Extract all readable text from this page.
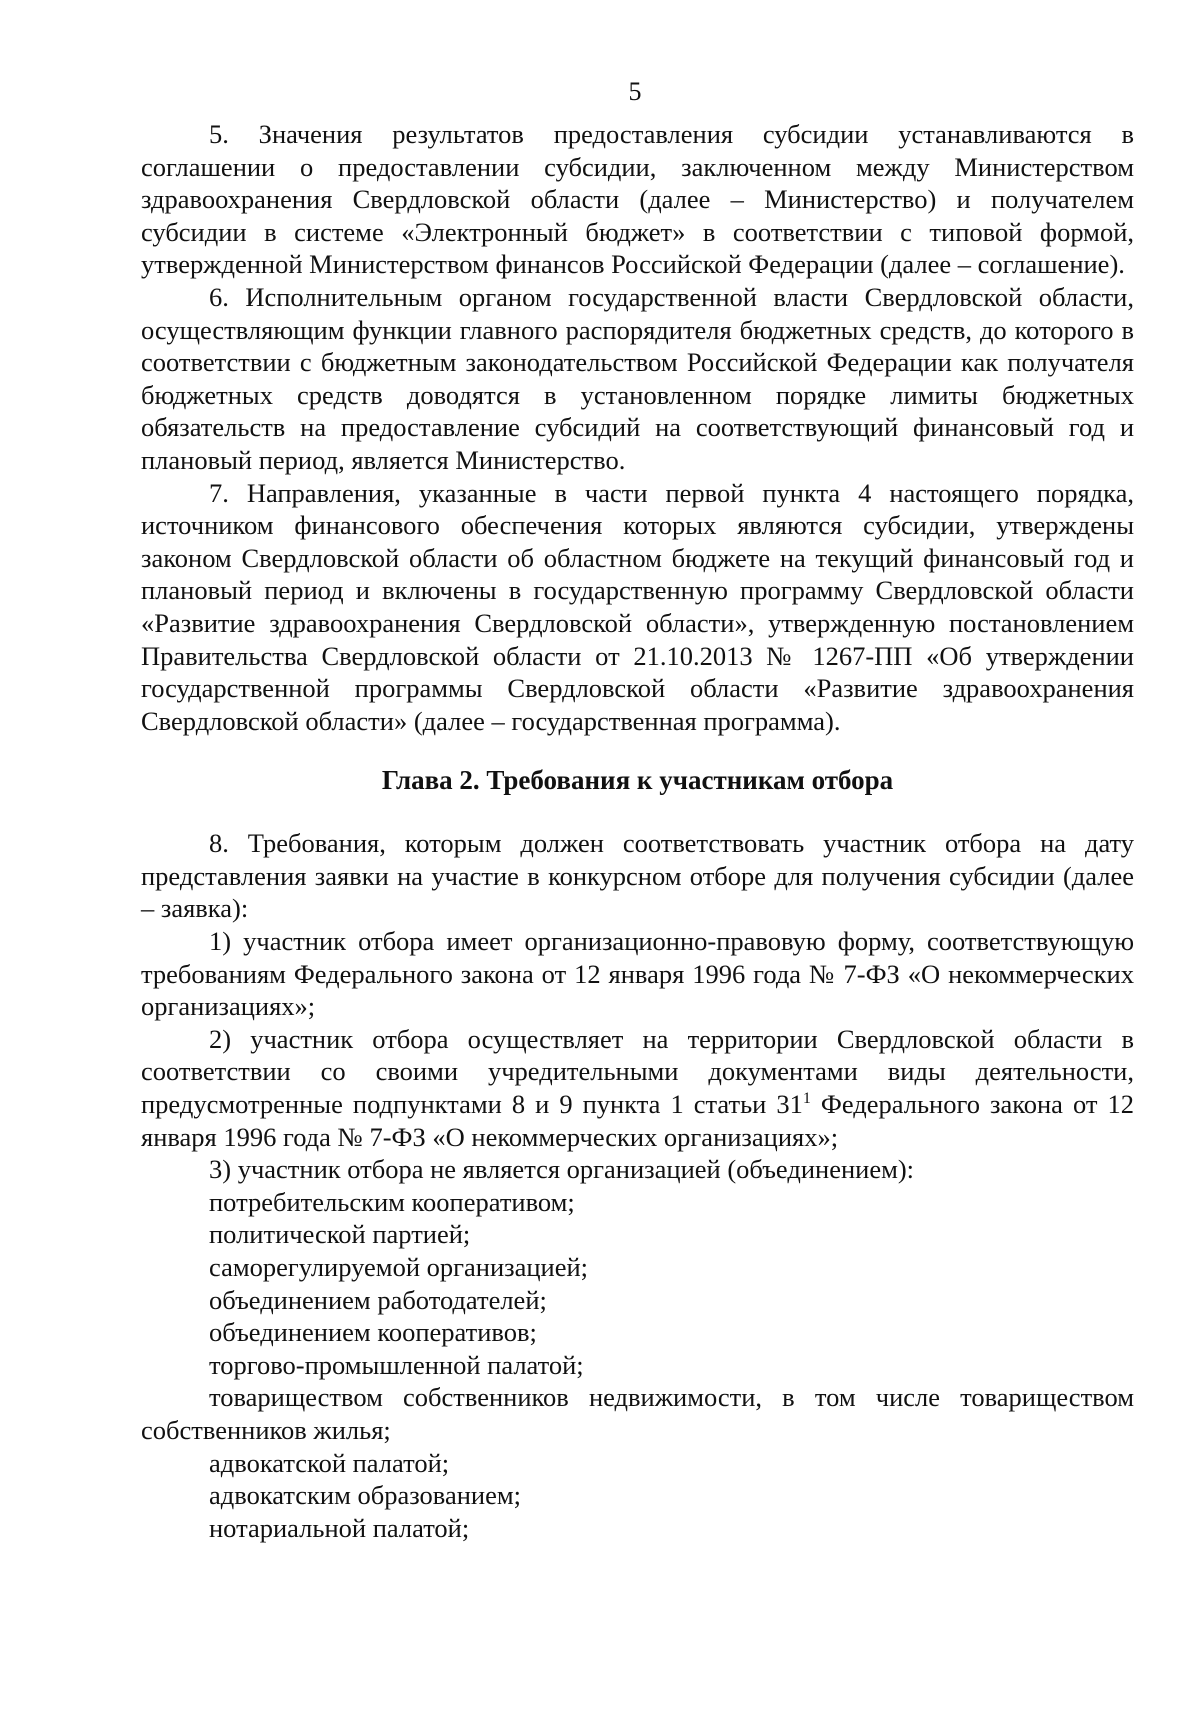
5

5. Значения результатов предоставления субсидии устанавливаются в соглашении о предоставлении субсидии, заключенном между Министерством здравоохранения Свердловской области (далее – Министерство) и получателем субсидии в системе «Электронный бюджет» в соответствии с типовой формой, утвержденной Министерством финансов Российской Федерации (далее – соглашение).

6. Исполнительным органом государственной власти Свердловской области, осуществляющим функции главного распорядителя бюджетных средств, до которого в соответствии с бюджетным законодательством Российской Федерации как получателя бюджетных средств доводятся в установленном порядке лимиты бюджетных обязательств на предоставление субсидий на соответствующий финансовый год и плановый период, является Министерство.

7. Направления, указанные в части первой пункта 4 настоящего порядка, источником финансового обеспечения которых являются субсидии, утверждены законом Свердловской области об областном бюджете на текущий финансовый год и плановый период и включены в государственную программу Свердловской области «Развитие здравоохранения Свердловской области», утвержденную постановлением Правительства Свердловской области от 21.10.2013 № 1267-ПП «Об утверждении государственной программы Свердловской области «Развитие здравоохранения Свердловской области» (далее – государственная программа).

Глава 2. Требования к участникам отбора

8. Требования, которым должен соответствовать участник отбора на дату представления заявки на участие в конкурсном отборе для получения субсидии (далее – заявка):

1) участник отбора имеет организационно-правовую форму, соответствующую требованиям Федерального закона от 12 января 1996 года № 7-ФЗ «О некоммерческих организациях»;

2) участник отбора осуществляет на территории Свердловской области в соответствии со своими учредительными документами виды деятельности, предусмотренные подпунктами 8 и 9 пункта 1 статьи $31^1$ Федерального закона от 12 января 1996 года № 7-ФЗ «О некоммерческих организациях»;

3) участник отбора не является организацией (объединением):

потребительским кооперативом;

политической партией;

саморегулируемой организацией;

объединением работодателей;

объединением кооперативов;

торгово-промышленной палатой;

товариществом собственников недвижимости, в том числе товариществом собственников жилья;

адвокатской палатой;

адвокатским образованием;

нотариальной палатой;
